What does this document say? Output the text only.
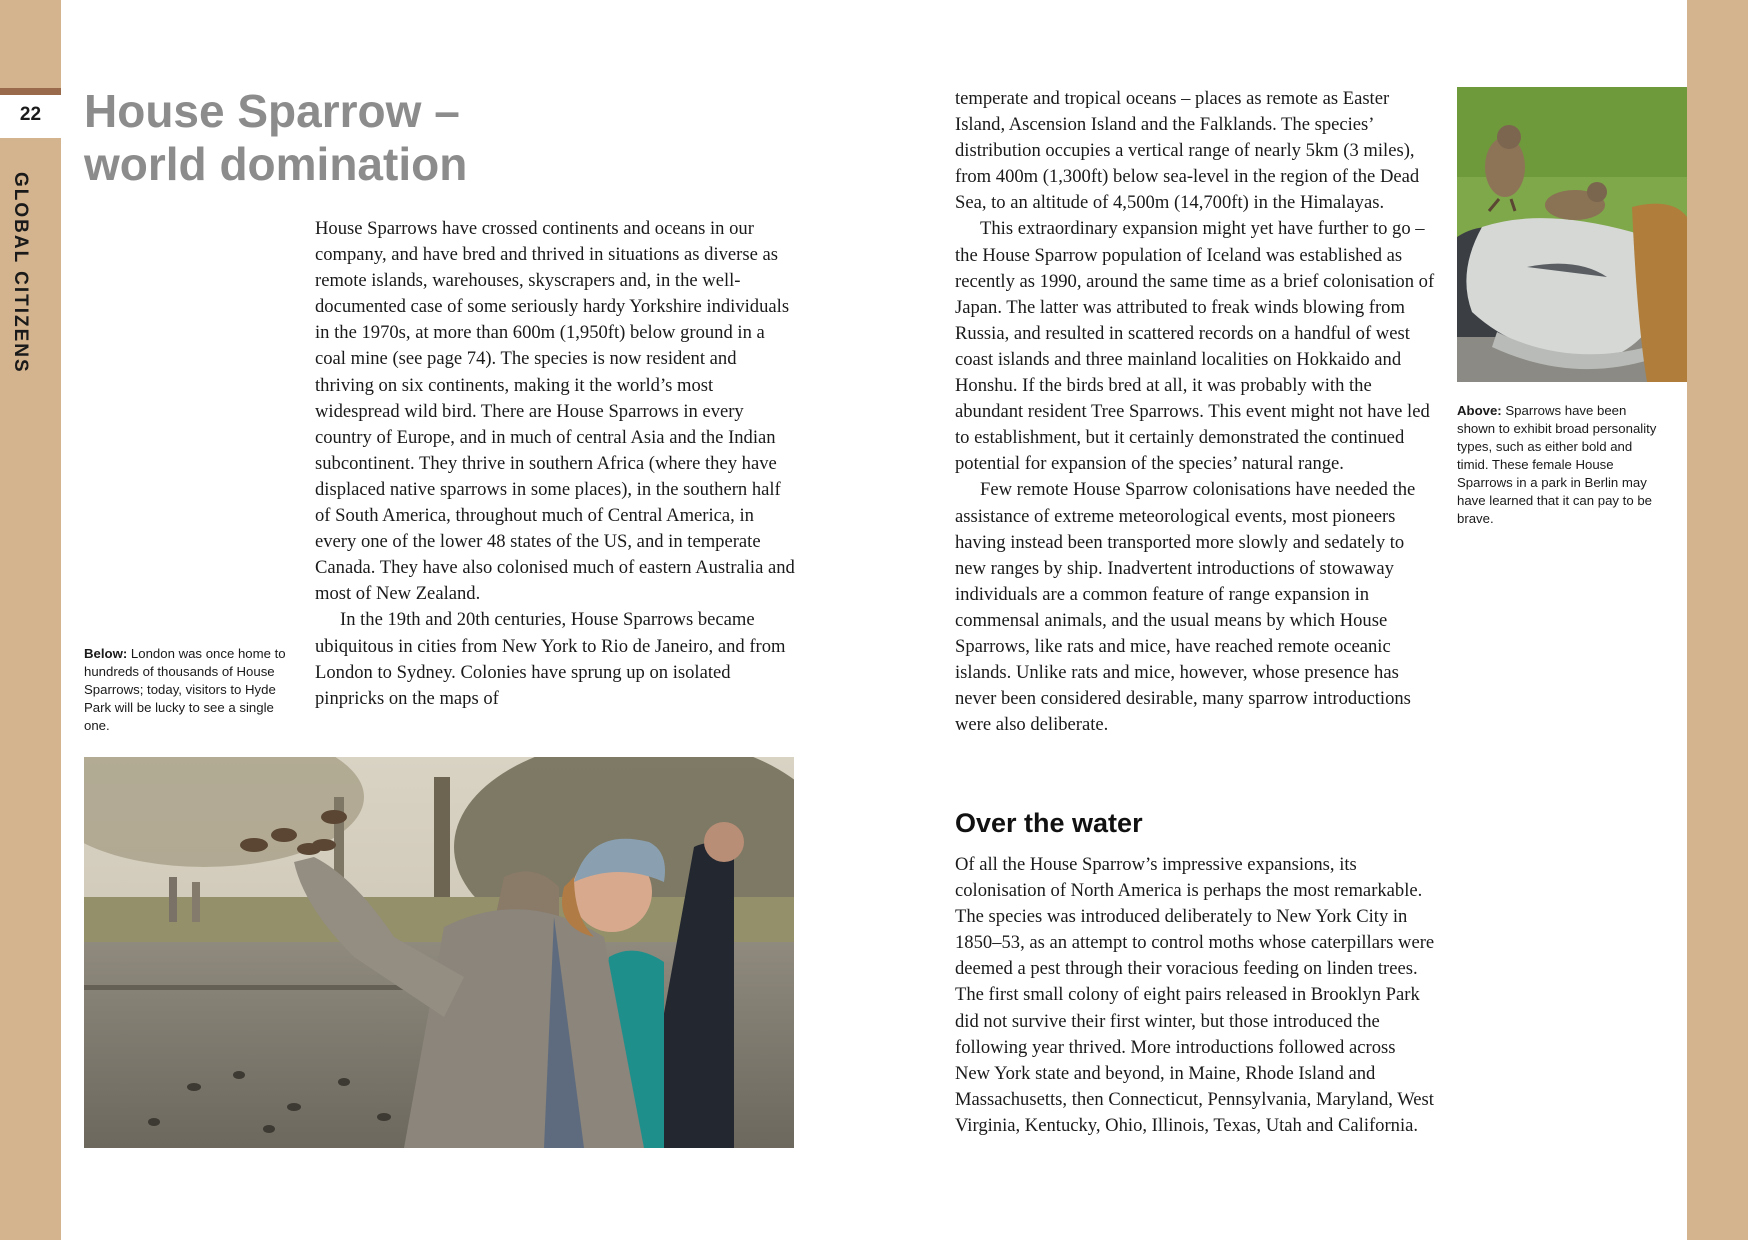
22
GLOBAL CITIZENS
House Sparrow –
world domination

House Sparrows have crossed continents and oceans in our company, and have bred and thrived in situations as diverse as remote islands, warehouses, skyscrapers and, in the well-documented case of some seriously hardy Yorkshire individuals in the 1970s, at more than 600m (1,950ft) below ground in a coal mine (see page 74). The species is now resident and thriving on six continents, making it the world’s most widespread wild bird. There are House Sparrows in every country of Europe, and in much of central Asia and the Indian subcontinent. They thrive in southern Africa (where they have displaced native sparrows in some places), in the southern half of South America, throughout much of Central America, in every one of the lower 48 states of the US, and in temperate Canada. They have also colonised much of eastern Australia and most of New Zealand.

In the 19th and 20th centuries, House Sparrows became ubiquitous in cities from New York to Rio de Janeiro, and from London to Sydney. Colonies have sprung up on isolated pinpricks on the maps of

Below: London was once home to hundreds of thousands of House Sparrows; today, visitors to Hyde Park will be lucky to see a single one.

temperate and tropical oceans – places as remote as Easter Island, Ascension Island and the Falklands. The species’ distribution occupies a vertical range of nearly 5km (3 miles), from 400m (1,300ft) below sea-level in the region of the Dead Sea, to an altitude of 4,500m (14,700ft) in the Himalayas.

This extraordinary expansion might yet have further to go – the House Sparrow population of Iceland was established as recently as 1990, around the same time as a brief colonisation of Japan. The latter was attributed to freak winds blowing from Russia, and resulted in scattered records on a handful of west coast islands and three mainland localities on Hokkaido and Honshu. If the birds bred at all, it was probably with the abundant resident Tree Sparrows. This event might not have led to establishment, but it certainly demonstrated the continued potential for expansion of the species’ natural range.

Few remote House Sparrow colonisations have needed the assistance of extreme meteorological events, most pioneers having instead been transported more slowly and sedately to new ranges by ship. Inadvertent introductions of stowaway individuals are a common feature of range expansion in commensal animals, and the usual means by which House Sparrows, like rats and mice, have reached remote oceanic islands. Unlike rats and mice, however, whose presence has never been considered desirable, many sparrow introductions were also deliberate.

Over the water

Of all the House Sparrow’s impressive expansions, its colonisation of North America is perhaps the most remarkable. The species was introduced deliberately to New York City in 1850–53, as an attempt to control moths whose caterpillars were deemed a pest through their voracious feeding on linden trees. The first small colony of eight pairs released in Brooklyn Park did not survive their first winter, but those introduced the following year thrived. More introductions followed across New York state and beyond, in Maine, Rhode Island and Massachusetts, then Connecticut, Pennsylvania, Maryland, West Virginia, Kentucky, Ohio, Illinois, Texas, Utah and California.

Above: Sparrows have been shown to exhibit broad personality types, such as either bold and timid. These female House Sparrows in a park in Berlin may have learned that it can pay to be brave.
